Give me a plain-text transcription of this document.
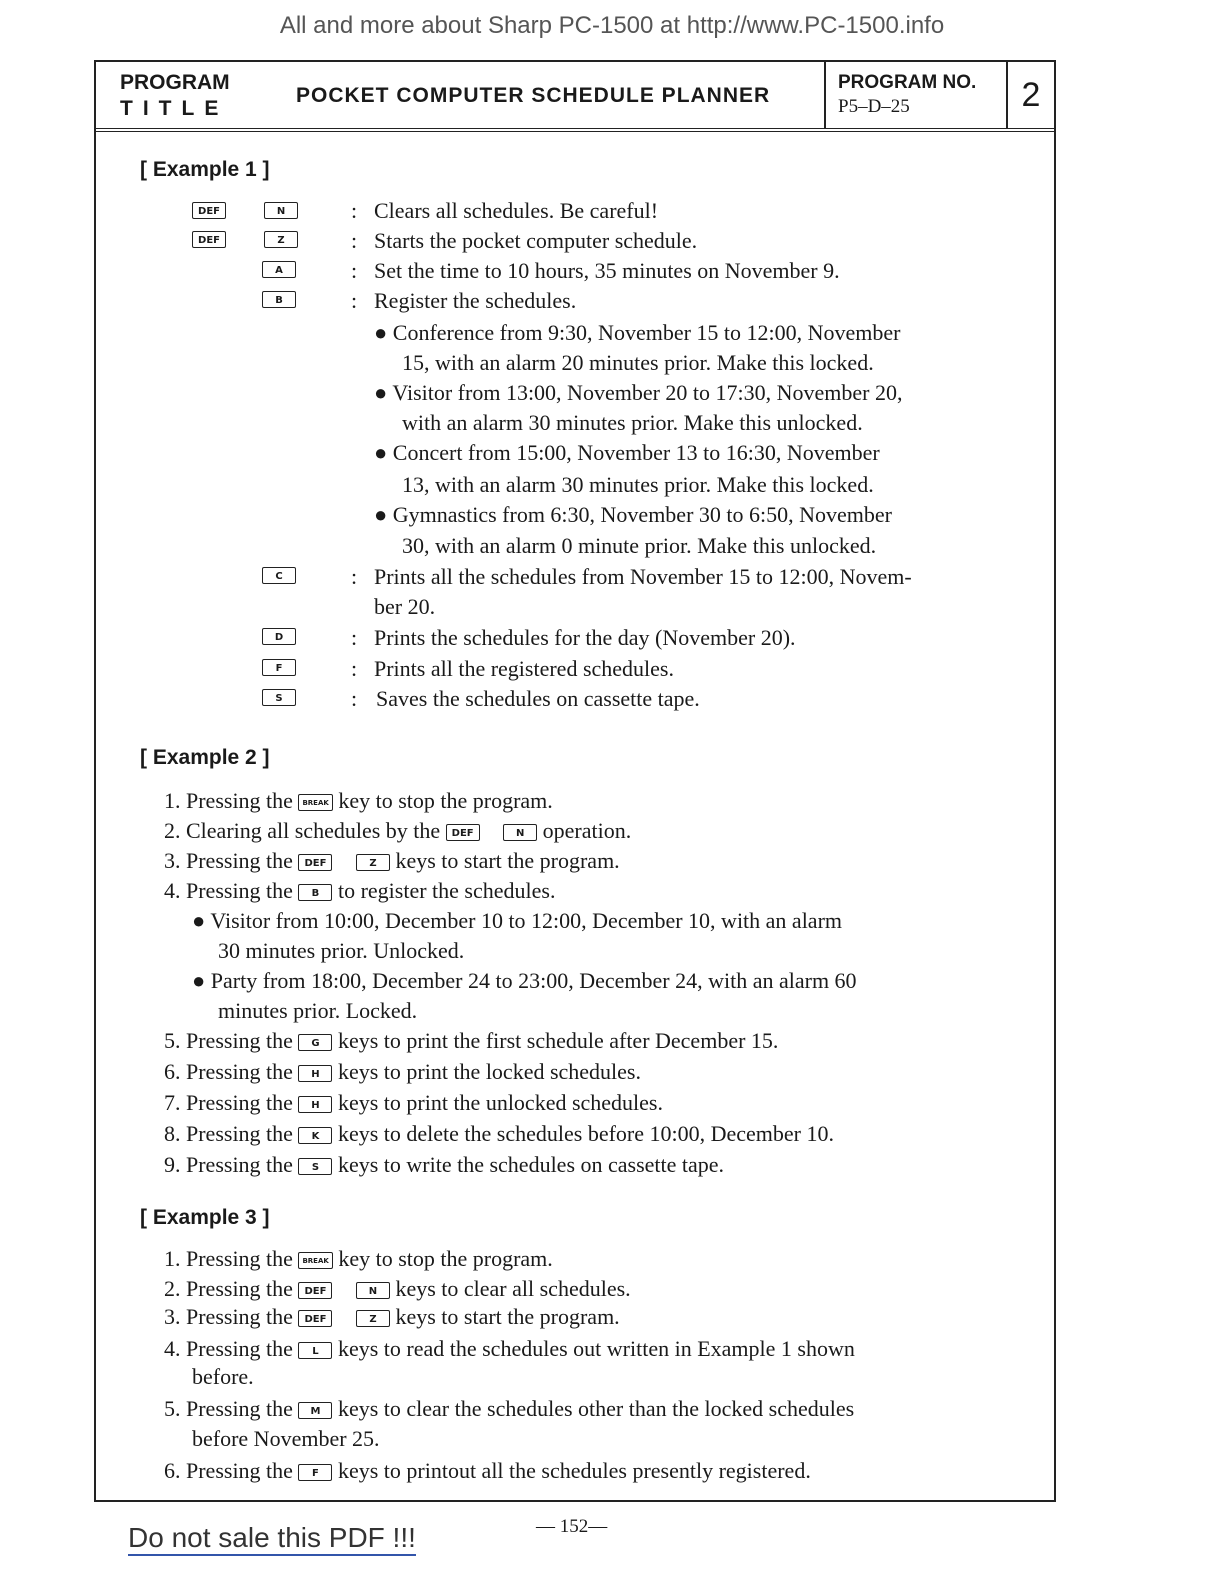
All and more about Sharp PC-1500 at http://www.PC-1500.info
PROGRAM
TITLE
POCKET COMPUTER SCHEDULE PLANNER
PROGRAM NO.
P5–D–25	2
[ Example 1 ]
DEF	N	: Clears all schedules. Be careful!
DEF	Z	: Starts the pocket computer schedule.
A	: Set the time to 10 hours, 35 minutes on November 9.
B	: Register the schedules.
● Conference from 9:30, November 15 to 12:00, November
15, with an alarm 20 minutes prior. Make this locked.
● Visitor from 13:00, November 20 to 17:30, November 20,
with an alarm 30 minutes prior. Make this unlocked.
● Concert from 15:00, November 13 to 16:30, November
13, with an alarm 30 minutes prior. Make this locked.
● Gymnastics from 6:30, November 30 to 6:50, November
30, with an alarm 0 minute prior. Make this unlocked.
C	: Prints all the schedules from November 15 to 12:00, Novem-
ber 20.
D	: Prints the schedules for the day (November 20).
F	: Prints all the registered schedules.
S	: Saves the schedules on cassette tape.
[ Example 2 ]
1. Pressing the BREAK key to stop the program.
2. Clearing all schedules by the DEF	N operation.
3. Pressing the DEF	Z keys to start the program.
4. Pressing the B to register the schedules.
● Visitor from 10:00, December 10 to 12:00, December 10, with an alarm
30 minutes prior. Unlocked.
● Party from 18:00, December 24 to 23:00, December 24, with an alarm 60
minutes prior. Locked.
5. Pressing the G keys to print the first schedule after December 15.
6. Pressing the H keys to print the locked schedules.
7. Pressing the H keys to print the unlocked schedules.
8. Pressing the K keys to delete the schedules before 10:00, December 10.
9. Pressing the S keys to write the schedules on cassette tape.
[ Example 3 ]
1. Pressing the BREAK key to stop the program.
2. Pressing the DEF	N keys to clear all schedules.
3. Pressing the DEF	Z keys to start the program.
4. Pressing the L keys to read the schedules out written in Example 1 shown
before.
5. Pressing the M keys to clear the schedules other than the locked schedules
before November 25.
6. Pressing the F keys to printout all the schedules presently registered.
Do not sale this PDF !!!	— 152—
